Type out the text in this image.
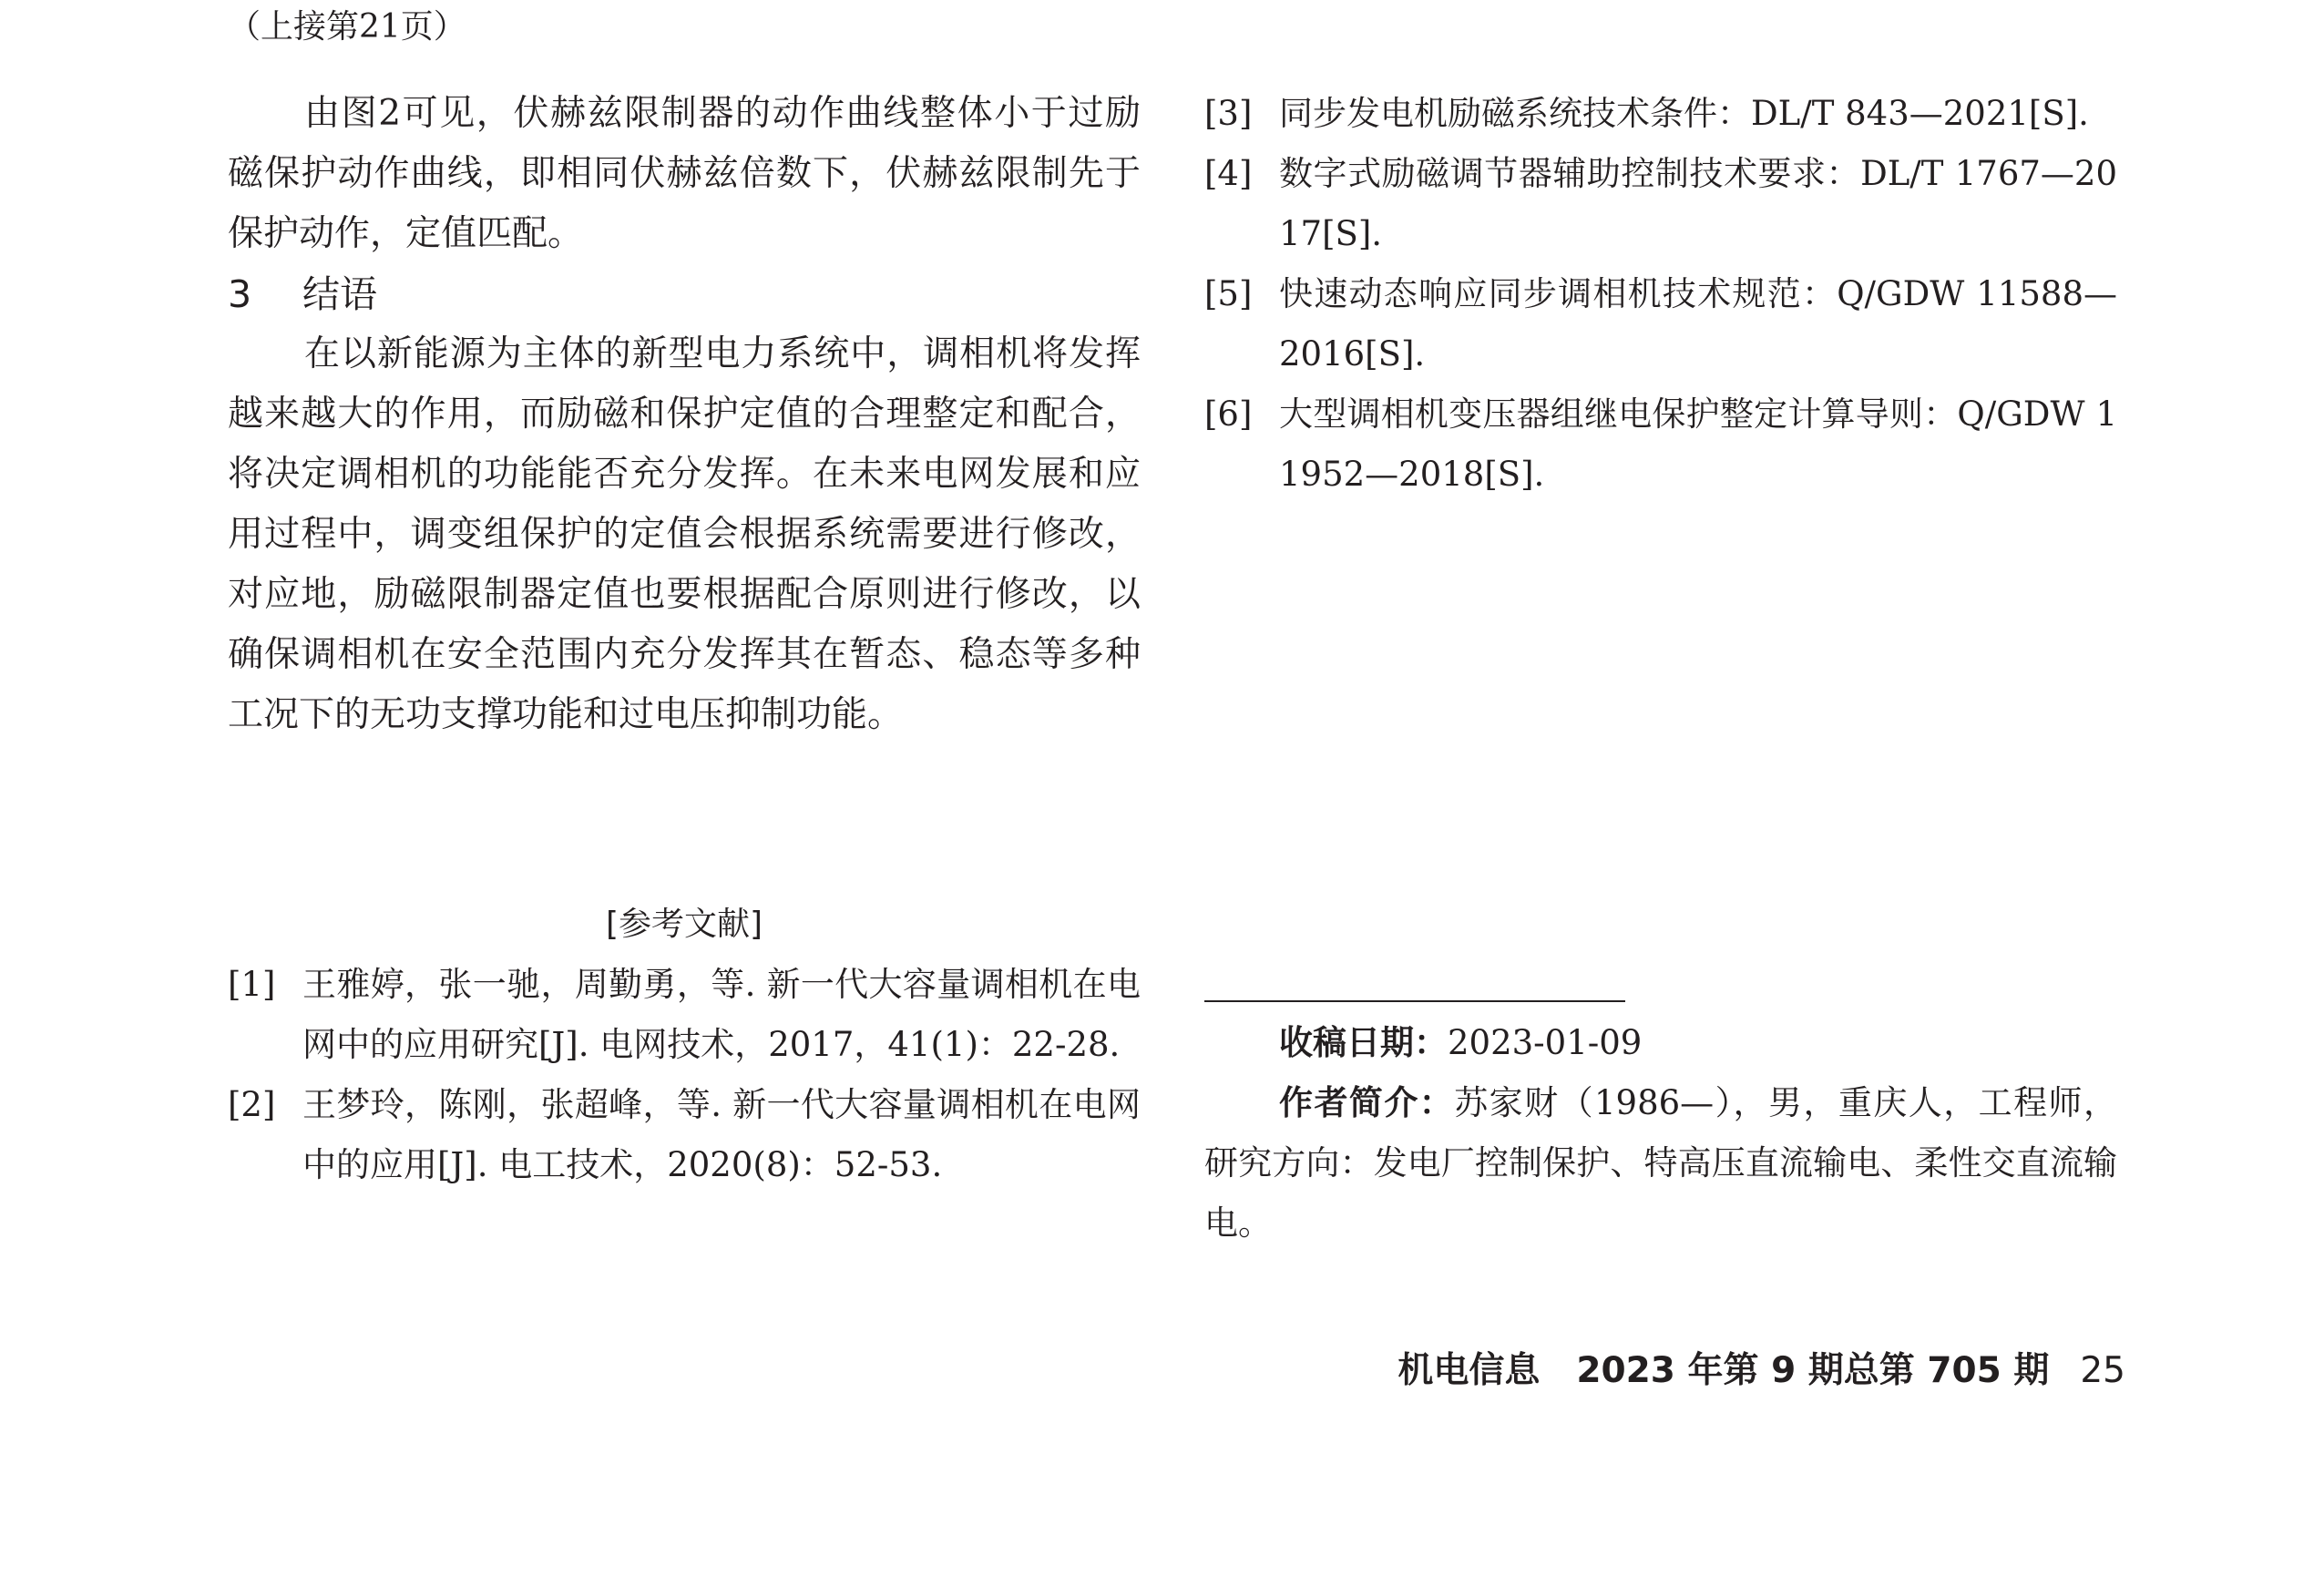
（上接第21页）

由图2可见，伏赫兹限制器的动作曲线整体小于过励磁保护动作曲线，即相同伏赫兹倍数下，伏赫兹限制先于保护动作，定值匹配。

3 结语

在以新能源为主体的新型电力系统中，调相机将发挥越来越大的作用，而励磁和保护定值的合理整定和配合，将决定调相机的功能能否充分发挥。在未来电网发展和应用过程中，调变组保护的定值会根据系统需要进行修改，对应地，励磁限制器定值也要根据配合原则进行修改，以确保调相机在安全范围内充分发挥其在暂态、稳态等多种工况下的无功支撑功能和过电压抑制功能。

[参考文献]
[1] 王雅婷，张一驰，周勤勇，等. 新一代大容量调相机在电网中的应用研究[J]. 电网技术，2017，41(1)：22-28.
[2] 王梦玲，陈刚，张超峰，等. 新一代大容量调相机在电网中的应用[J]. 电工技术，2020(8)：52-53.
[3] 同步发电机励磁系统技术条件：DL/T 843—2021[S].
[4] 数字式励磁调节器辅助控制技术要求：DL/T 1767—2017[S].
[5] 快速动态响应同步调相机技术规范：Q/GDW 11588—2016[S].
[6] 大型调相机变压器组继电保护整定计算导则：Q/GDW 11952—2018[S].

收稿日期：2023-01-09

作者简介：苏家财（1986—），男，重庆人，工程师，研究方向：发电厂控制保护、特高压直流输电、柔性交直流输电。

机电信息 2023 年第 9 期总第 705 期 25
